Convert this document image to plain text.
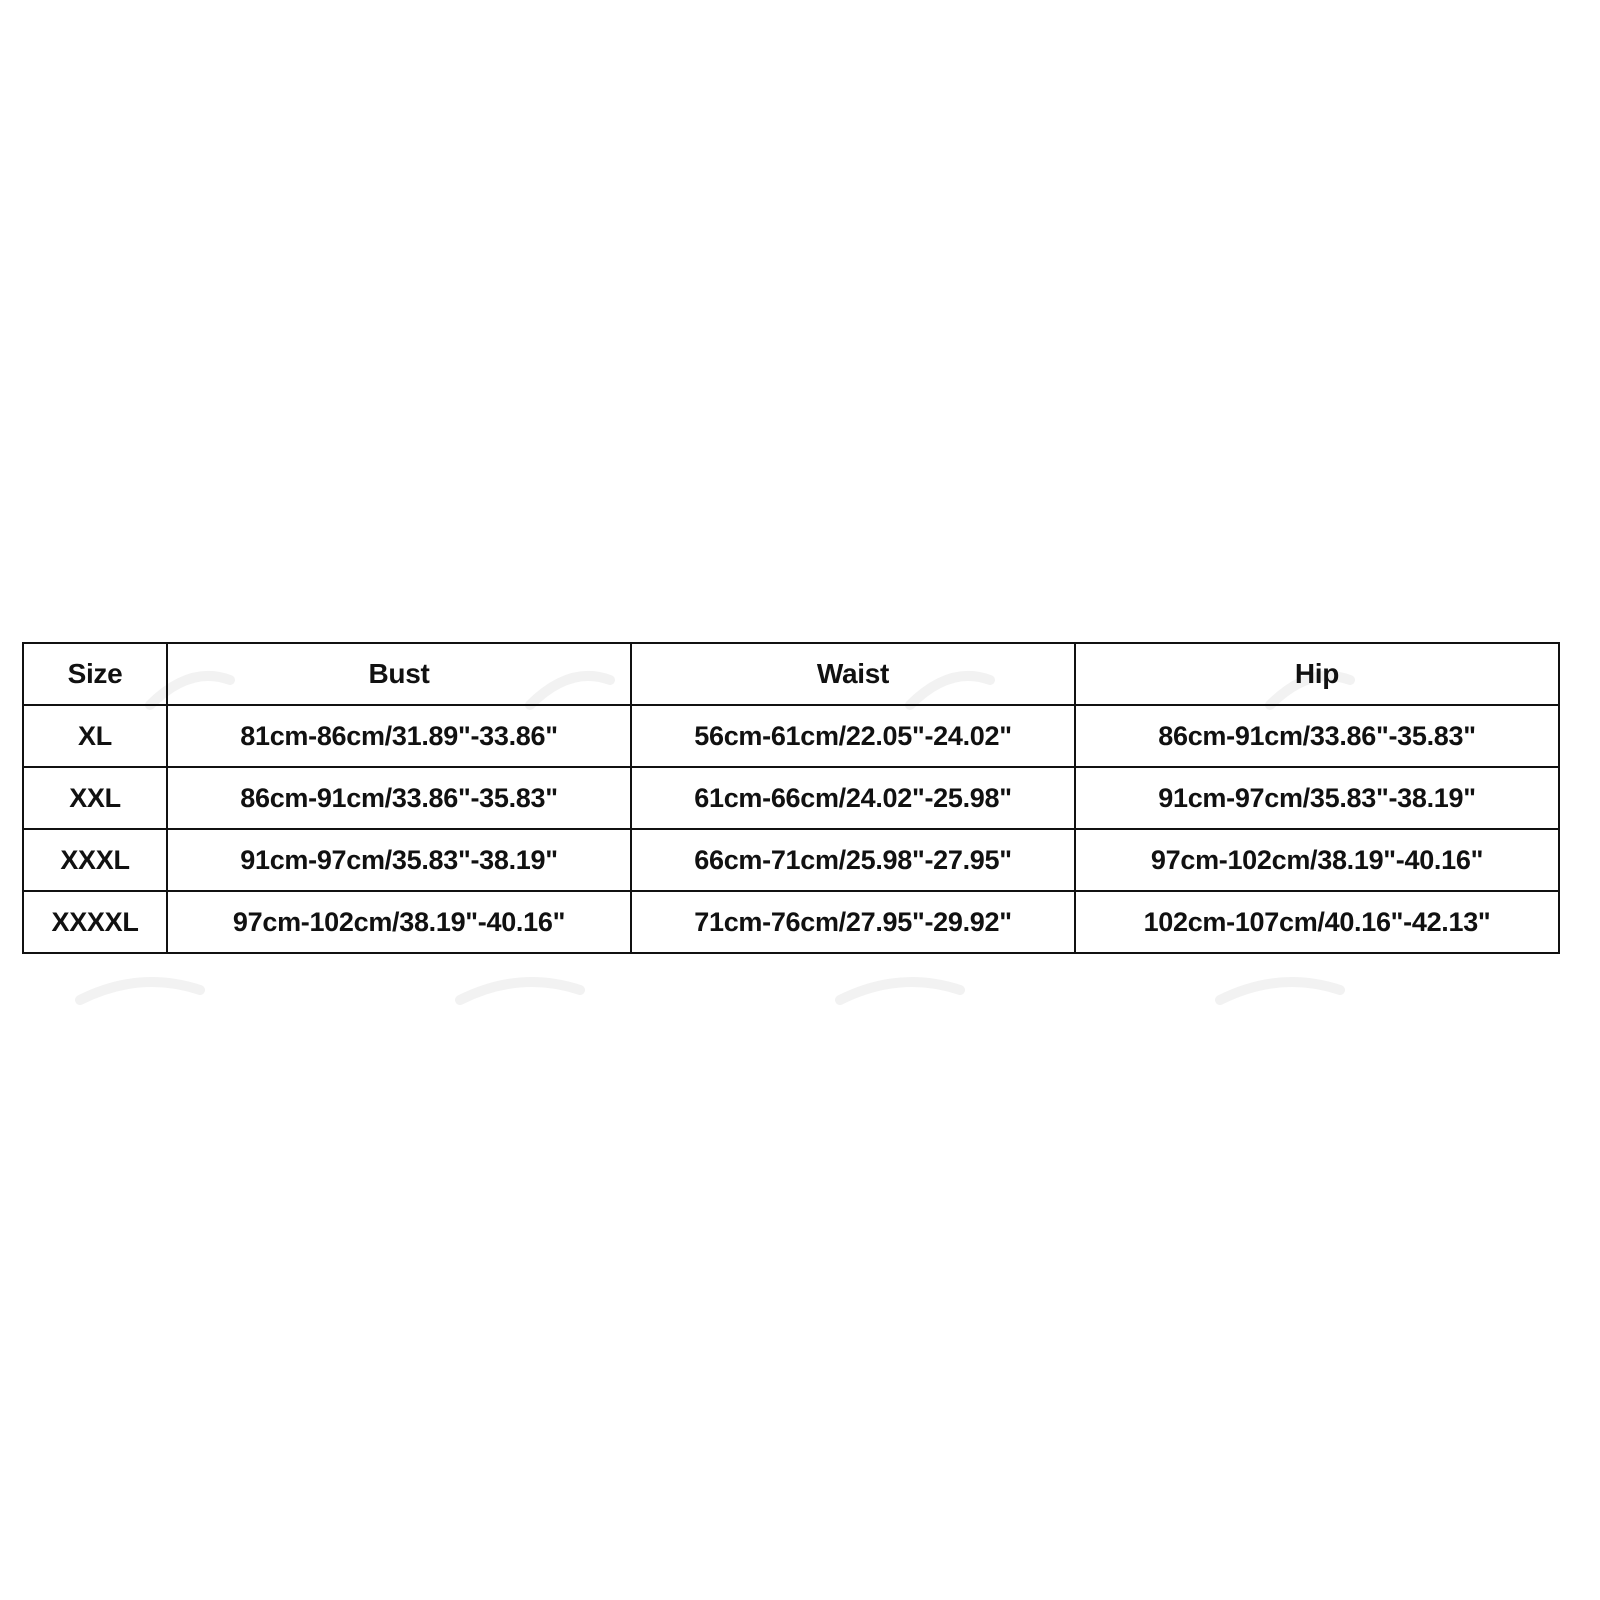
Size	Bust	Waist	Hip
XL	81cm-86cm/31.89"-33.86"	56cm-61cm/22.05"-24.02"	86cm-91cm/33.86"-35.83"
XXL	86cm-91cm/33.86"-35.83"	61cm-66cm/24.02"-25.98"	91cm-97cm/35.83"-38.19"
XXXL	91cm-97cm/35.83"-38.19"	66cm-71cm/25.98"-27.95"	97cm-102cm/38.19"-40.16"
XXXXL	97cm-102cm/38.19"-40.16"	71cm-76cm/27.95"-29.92"	102cm-107cm/40.16"-42.13"
